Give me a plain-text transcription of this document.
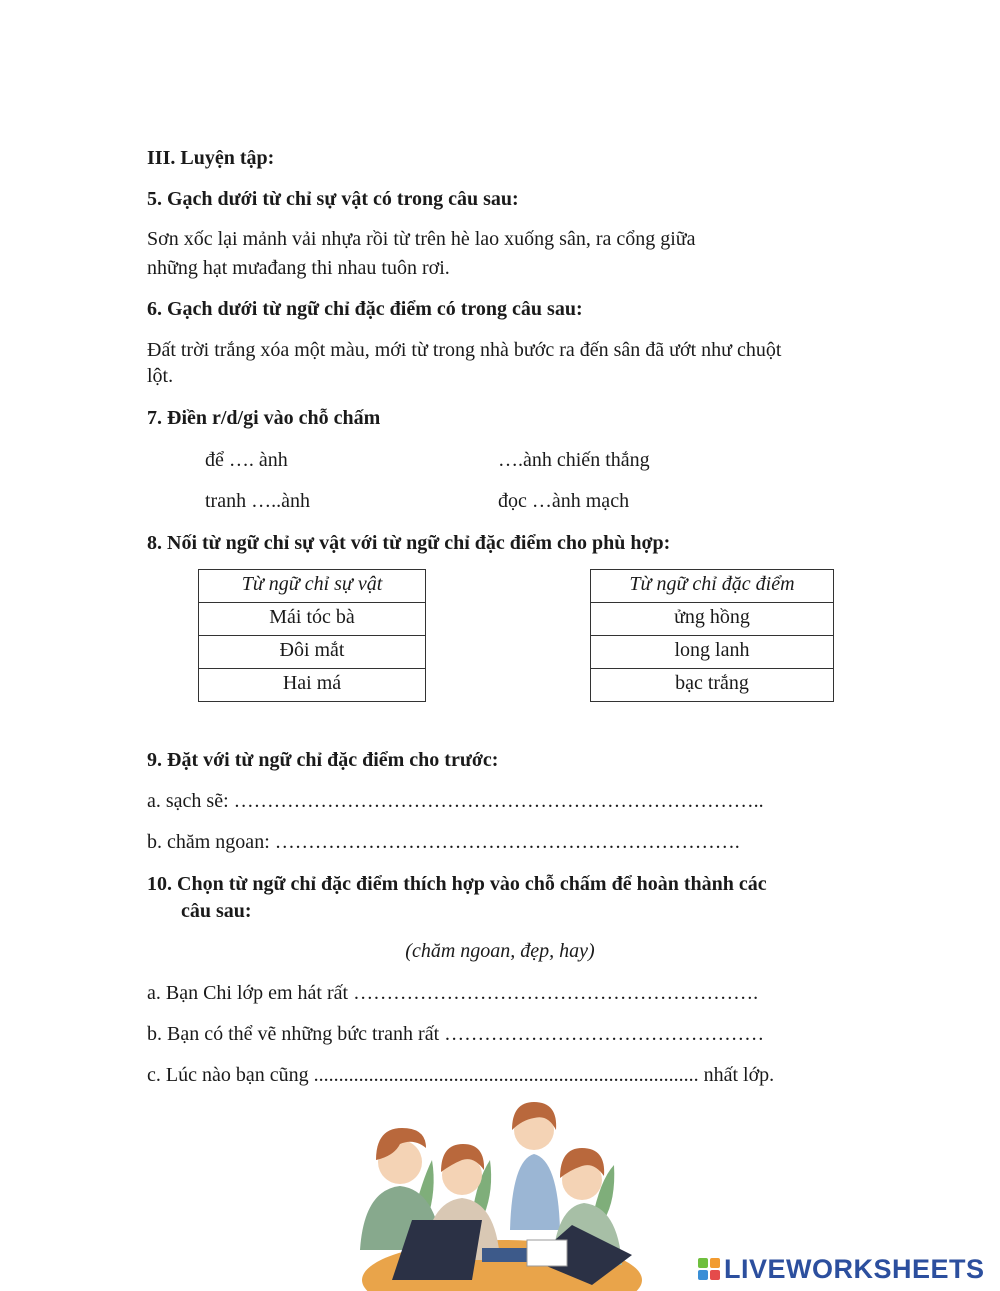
III. Luyện tập:
5. Gạch dưới từ chỉ sự vật có trong câu sau:
Sơn xốc lại mảnh vải nhựa rồi từ trên hè lao xuống sân, ra cổng giữa
những hạt mưađang thi nhau tuôn rơi.
6. Gạch dưới từ ngữ chỉ đặc điểm có trong câu sau:
Đất trời trắng xóa một màu, mới từ trong nhà bước ra đến sân đã ướt như chuột
lột.
7. Điền r/d/gi vào chỗ chấm
để …. ành	….ành chiến thắng
tranh …..ành	đọc …ành mạch
8. Nối từ ngữ chỉ sự vật với từ ngữ chỉ đặc điểm cho phù hợp:
Từ ngữ chỉ sự vật
Mái tóc bà
Đôi mắt
Hai má
Từ ngữ chỉ đặc điểm
ửng hồng
long lanh
bạc trắng
9. Đặt với từ ngữ chỉ đặc điểm cho trước:
a. sạch sẽ: ……………………………………………………………………..
b. chăm ngoan: …………………………………………………………….
10. Chọn từ ngữ chỉ đặc điểm thích hợp vào chỗ chấm để hoàn thành các
câu sau:
(chăm ngoan, đẹp, hay)
a. Bạn Chi lớp em hát rất …………………………………………………….
b. Bạn có thể vẽ những bức tranh rất …………………………………………
c. Lúc nào bạn cũng ............................................................................. nhất lớp.
LIVEWORKSHEETS
